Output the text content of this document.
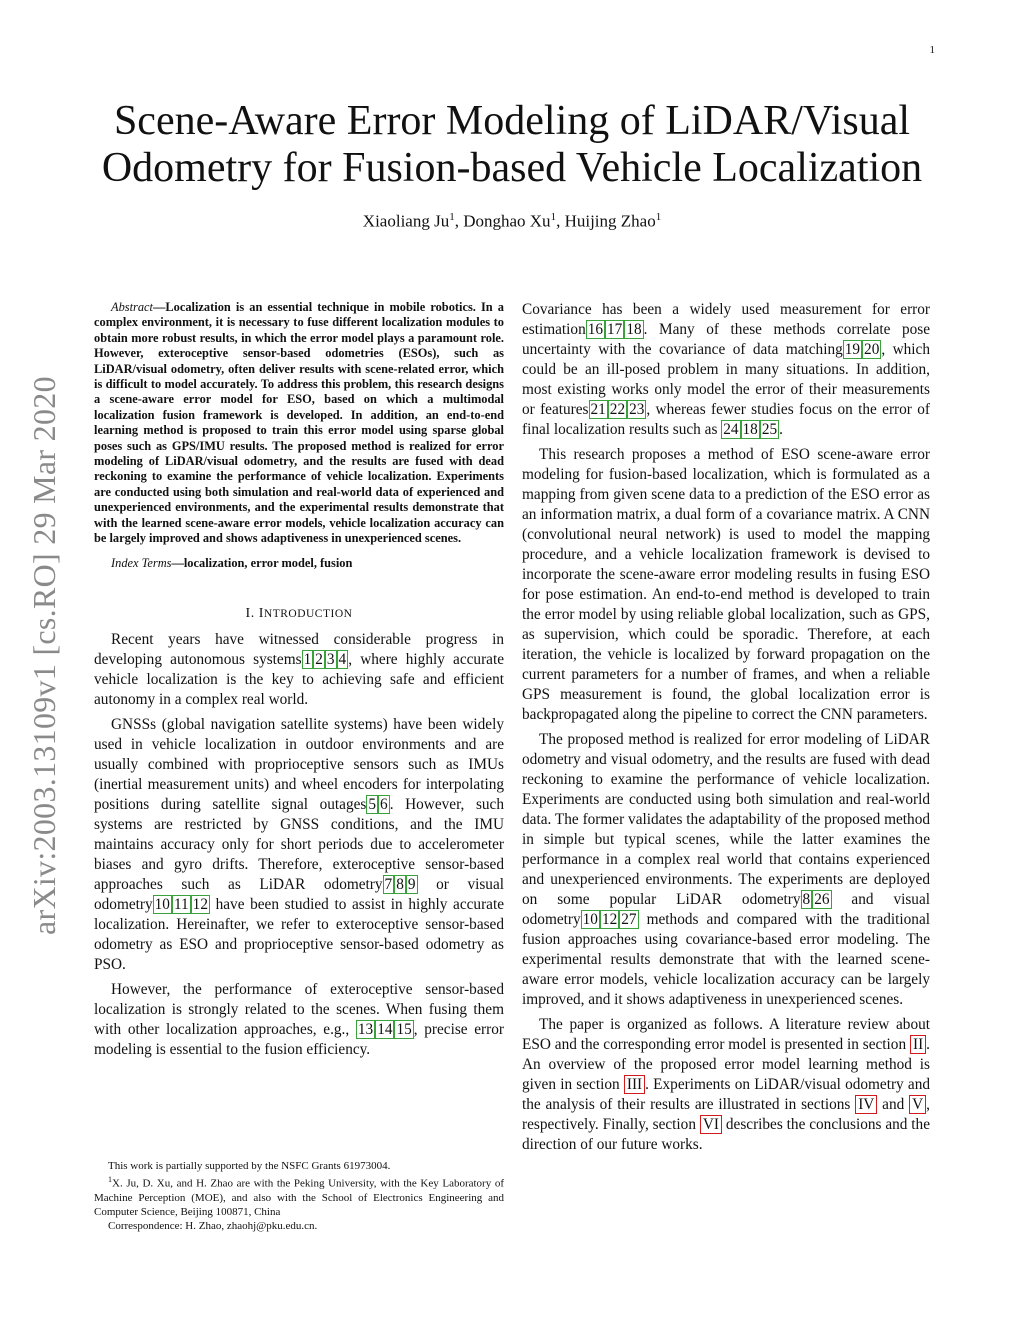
1
arXiv:2003.13109v1 [cs.RO] 29 Mar 2020
Scene-Aware Error Modeling of LiDAR/Visual Odometry for Fusion-based Vehicle Localization
Xiaoliang Ju$^1$, Donghao Xu$^1$, Huijing Zhao$^1$

Abstract—Localization is an essential technique in mobile robotics. In a complex environment, it is necessary to fuse different localization modules to obtain more robust results, in which the error model plays a paramount role. However, exteroceptive sensor-based odometries (ESOs), such as LiDAR/visual odometry, often deliver results with scene-related error, which is difficult to model accurately. To address this problem, this research designs a scene-aware error model for ESO, based on which a multimodal localization fusion framework is developed. In addition, an end-to-end learning method is proposed to train this error model using sparse global poses such as GPS/IMU results. The proposed method is realized for error modeling of LiDAR/visual odometry, and the results are fused with dead reckoning to examine the performance of vehicle localization. Experiments are conducted using both simulation and real-world data of experienced and unexperienced environments, and the experimental results demonstrate that with the learned scene-aware error models, vehicle localization accuracy can be largely improved and shows adaptiveness in unexperienced scenes.

Index Terms—localization, error model, fusion

I. INTRODUCTION

Recent years have witnessed considerable progress in developing autonomous systems 1 2 3 4 , where highly accurate vehicle localization is the key to achieving safe and efficient autonomy in a complex real world.

GNSSs (global navigation satellite systems) have been widely used in vehicle localization in outdoor environments and are usually combined with proprioceptive sensors such as IMUs (inertial measurement units) and wheel encoders for interpolating positions during satellite signal outages 5 6 . However, such systems are restricted by GNSS conditions, and the IMU maintains accuracy only for short periods due to accelerometer biases and gyro drifts. Therefore, exteroceptive sensor-based approaches such as LiDAR odometry 7 8 9 or visual odometry 10 11 12 have been studied to assist in highly accurate localization. Hereinafter, we refer to exteroceptive sensor-based odometry as ESO and proprioceptive sensor-based odometry as PSO.

However, the performance of exteroceptive sensor-based localization is strongly related to the scenes. When fusing them with other localization approaches, e.g., 13 14 15 , precise error modeling is essential to the fusion efficiency.

This work is partially supported by the NSFC Grants 61973004.

$^1$X. Ju, D. Xu, and H. Zhao are with the Peking University, with the Key Laboratory of Machine Perception (MOE), and also with the School of Electronics Engineering and Computer Science, Beijing 100871, China

Correspondence: H. Zhao, zhaohj@pku.edu.cn.

Covariance has been a widely used measurement for error estimation 16 17 18 . Many of these methods correlate pose uncertainty with the covariance of data matching 19 20 , which could be an ill-posed problem in many situations. In addition, most existing works only model the error of their measurements or features 21 22 23 , whereas fewer studies focus on the error of final localization results such as 24 18 25 .

This research proposes a method of ESO scene-aware error modeling for fusion-based localization, which is formulated as a mapping from given scene data to a prediction of the ESO error as an information matrix, a dual form of a covariance matrix. A CNN (convolutional neural network) is used to model the mapping procedure, and a vehicle localization framework is devised to incorporate the scene-aware error modeling results in fusing ESO for pose estimation. An end-to-end method is developed to train the error model by using reliable global localization, such as GPS, as supervision, which could be sporadic. Therefore, at each iteration, the vehicle is localized by forward propagation on the current parameters for a number of frames, and when a reliable GPS measurement is found, the global localization error is backpropagated along the pipeline to correct the CNN parameters.

The proposed method is realized for error modeling of LiDAR odometry and visual odometry, and the results are fused with dead reckoning to examine the performance of vehicle localization. Experiments are conducted using both simulation and real-world data. The former validates the adaptability of the proposed method in simple but typical scenes, while the latter examines the performance in a complex real world that contains experienced and unexperienced environments. The experiments are deployed on some popular LiDAR odometry 8 26 and visual odometry 10 12 27 methods and compared with the traditional fusion approaches using covariance-based error modeling. The experimental results demonstrate that with the learned scene-aware error models, vehicle localization accuracy can be largely improved, and it shows adaptiveness in unexperienced scenes.

The paper is organized as follows. A literature review about ESO and the corresponding error model is presented in section II . An overview of the proposed error model learning method is given in section III . Experiments on LiDAR/visual odometry and the analysis of their results are illustrated in sections IV and V , respectively. Finally, section VI describes the conclusions and the direction of our future works.
